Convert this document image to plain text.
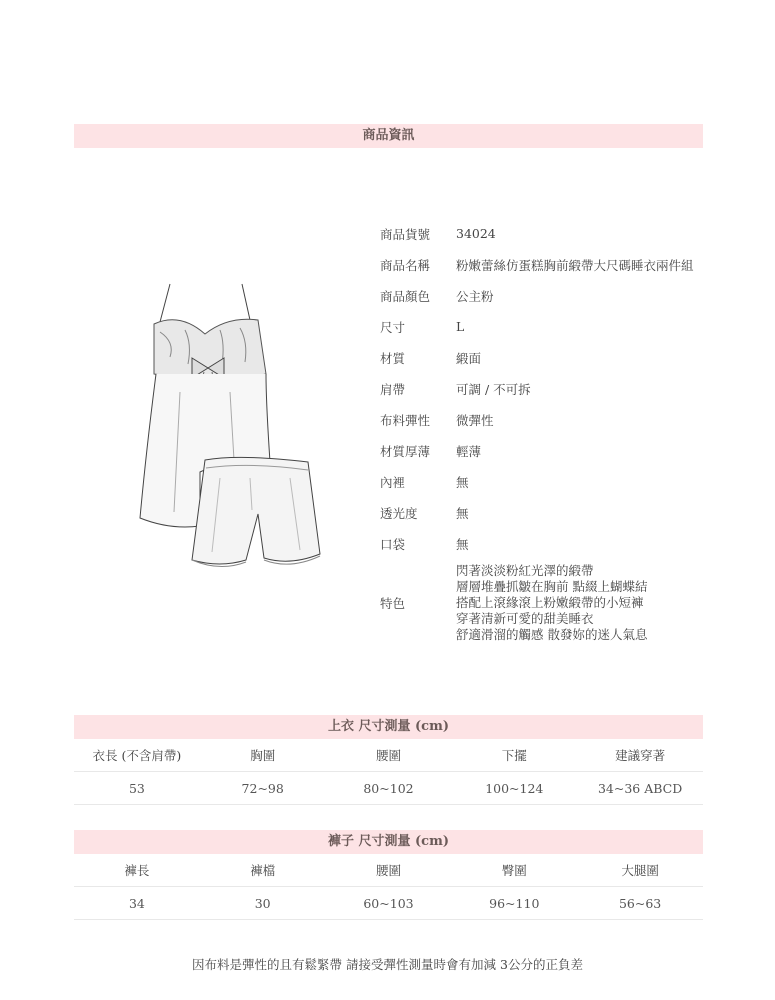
商品資訊
商品貨號	34024
商品名稱	粉嫩蕾絲仿蛋糕胸前緞帶大尺碼睡衣兩件組
商品顏色	公主粉
尺寸	L
材質	緞面
肩帶	可調 / 不可拆
布料彈性	微彈性
材質厚薄	輕薄
內裡	無
透光度	無
口袋	無
特色
閃著淡淡粉紅光澤的緞帶
層層堆疊抓皺在胸前 點綴上蝴蝶結
搭配上滾緣滾上粉嫩緞帶的小短褲
穿著清新可愛的甜美睡衣
舒適滑溜的觸感 散發妳的迷人氣息
上衣 尺寸測量 (cm)
衣長 (不含肩帶)	胸圍	腰圍	下擺	建議穿著
53	72~98	80~102	100~124	34~36 ABCD
褲子 尺寸測量 (cm)
褲長	褲檔	腰圍	臀圍	大腿圍
34	30	60~103	96~110	56~63
因布料是彈性的且有鬆緊帶 請接受彈性測量時會有加減 3公分的正負差
